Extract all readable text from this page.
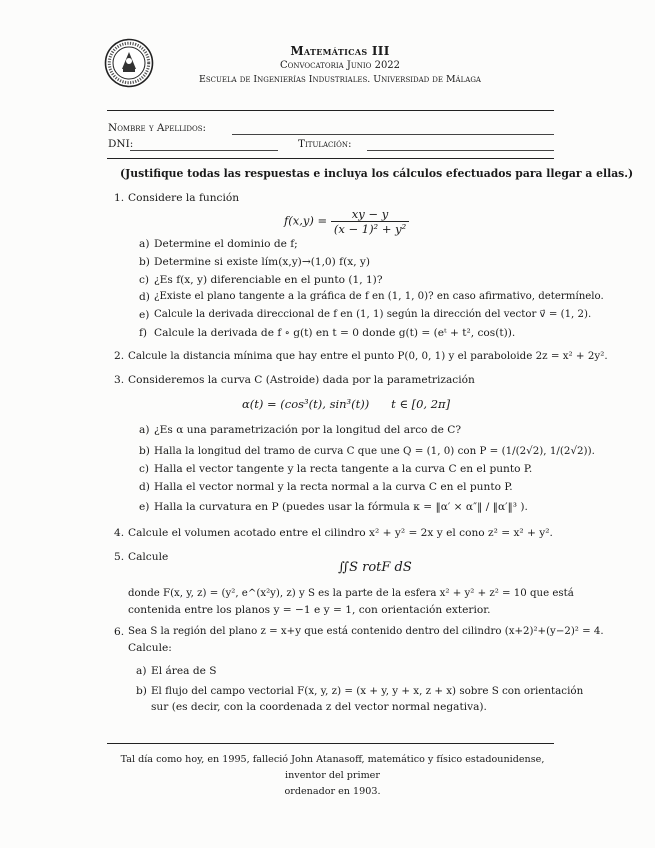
Matemáticas III
Convocatoria Junio 2022
Escuela de Ingenierías Industriales. Universidad de Málaga
Nombre y Apellidos:
DNI:	Titulación:
(Justifique todas las respuestas e incluya los cálculos efectuados para llegar a ellas.)
1. Considere la función
$f(x,y) = \frac{xy - y}{\text{(x − 1)² + y²}}$
a) Determine el dominio de f;
b) Determine si existe lím(x,y)→(1,0) f(x, y)
c) ¿Es f(x, y) diferenciable en el punto (1, 1)?
d) ¿Existe el plano tangente a la gráfica de f en (1, 1, 0)? en caso afirmativo, determínelo.
e) Calcule la derivada direccional de f en (1, 1) según la dirección del vector v⃗ = (1, 2).
f) Calcule la derivada de f ∘ g(t) en t = 0 donde g(t) = (eᵗ + t², cos(t)).
2. Calcule la distancia mínima que hay entre el punto P(0, 0, 1) y el paraboloide 2z = x² + 2y².
3. Consideremos la curva C (Astroide) dada por la parametrización
α(t) = (cos³(t), sin³(t))      t ∈ [0, 2π]
a) ¿Es α una parametrización por la longitud del arco de C?
b) Halla la longitud del tramo de curva C que une Q = (1, 0) con P = (1/(2√2), 1/(2√2)).
c) Halla el vector tangente y la recta tangente a la curva C en el punto P.
d) Halla el vector normal y la recta normal a la curva C en el punto P.
e) Halla la curvatura en P (puedes usar la fórmula κ = ‖α′ × α″‖ / ‖α′‖³ ).
4. Calcule el volumen acotado entre el cilindro x² + y² = 2x y el cono z² = x² + y².
5. Calcule
∬S rotF dS
donde F(x, y, z) = (y², e^(x²y), z) y S es la parte de la esfera x² + y² + z² = 10 que está
contenida entre los planos y = −1 e y = 1, con orientación exterior.
6. Sea S la región del plano z = x+y que está contenido dentro del cilindro (x+2)²+(y−2)² = 4.
Calcule:
a) El área de S
b) El flujo del campo vectorial F(x, y, z) = (x + y, y + x, z + x) sobre S con orientación
sur (es decir, con la coordenada z del vector normal negativa).
Tal día como hoy, en 1995, falleció John Atanasoff, matemático y físico estadounidense, inventor del primer
ordenador en 1903.
